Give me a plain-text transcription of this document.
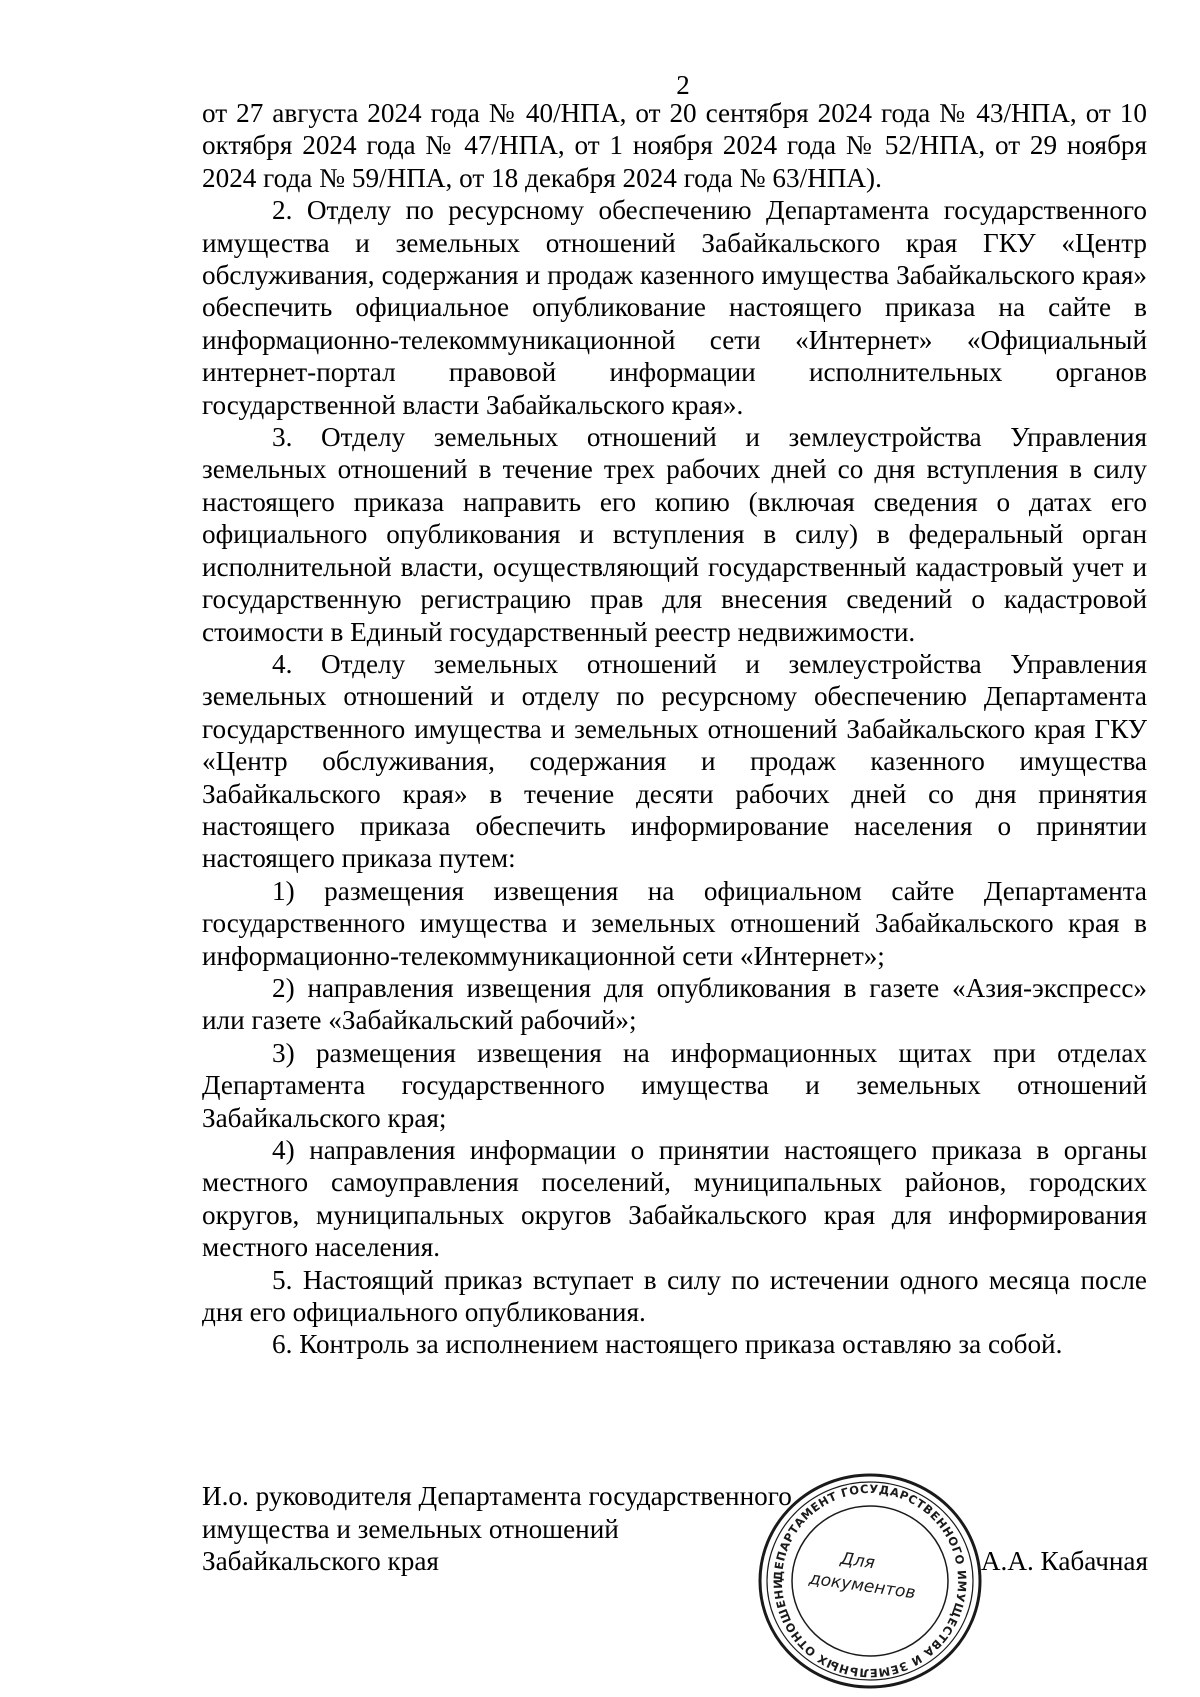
2

от 27 августа 2024 года № 40/НПА, от 20 сентября 2024 года № 43/НПА, от 10 октября 2024 года № 47/НПА, от 1 ноября 2024 года № 52/НПА, от 29 ноября 2024 года № 59/НПА, от 18 декабря 2024 года № 63/НПА).

2. Отделу по ресурсному обеспечению Департамента государственного имущества и земельных отношений Забайкальского края ГКУ «Центр обслуживания, содержания и продаж казенного имущества Забайкальского края» обеспечить официальное опубликование настоящего приказа на сайте в информационно-телекоммуникационной сети «Интернет» «Официальный интернет-портал правовой информации исполнительных органов государственной власти Забайкальского края».

3. Отделу земельных отношений и землеустройства Управления земельных отношений в течение трех рабочих дней со дня вступления в силу настоящего приказа направить его копию (включая сведения о датах его официального опубликования и вступления в силу) в федеральный орган исполнительной власти, осуществляющий государственный кадастровый учет и государственную регистрацию прав для внесения сведений о кадастровой стоимости в Единый государственный реестр недвижимости.

4. Отделу земельных отношений и землеустройства Управления земельных отношений и отделу по ресурсному обеспечению Департамента государственного имущества и земельных отношений Забайкальского края ГКУ «Центр обслуживания, содержания и продаж казенного имущества Забайкальского края» в течение десяти рабочих дней со дня принятия настоящего приказа обеспечить информирование населения о принятии настоящего приказа путем:

1) размещения извещения на официальном сайте Департамента государственного имущества и земельных отношений Забайкальского края в информационно-телекоммуникационной сети «Интернет»;

2) направления извещения для опубликования в газете «Азия-экспресс» или газете «Забайкальский рабочий»;

3) размещения извещения на информационных щитах при отделах Департамента государственного имущества и земельных отношений Забайкальского края;

4) направления информации о принятии настоящего приказа в органы местного самоуправления поселений, муниципальных районов, городских округов, муниципальных округов Забайкальского края для информирования местного населения.

5. Настоящий приказ вступает в силу по истечении одного месяца после дня его официального опубликования.

6. Контроль за исполнением настоящего приказа оставляю за собой.

И.о. руководителя Департамента государственного
имущества и земельных отношений
Забайкальского края	ДЕПАРТАМЕНТ ГОСУДАРСТВЕННОГО ИМУЩЕСТВА И ЗЕМЕЛЬНЫХ ОТНОШЕНИЙ ЗАБАЙКАЛЬСКОГО КРАЯ
Для
документов
А.А. Кабачная
